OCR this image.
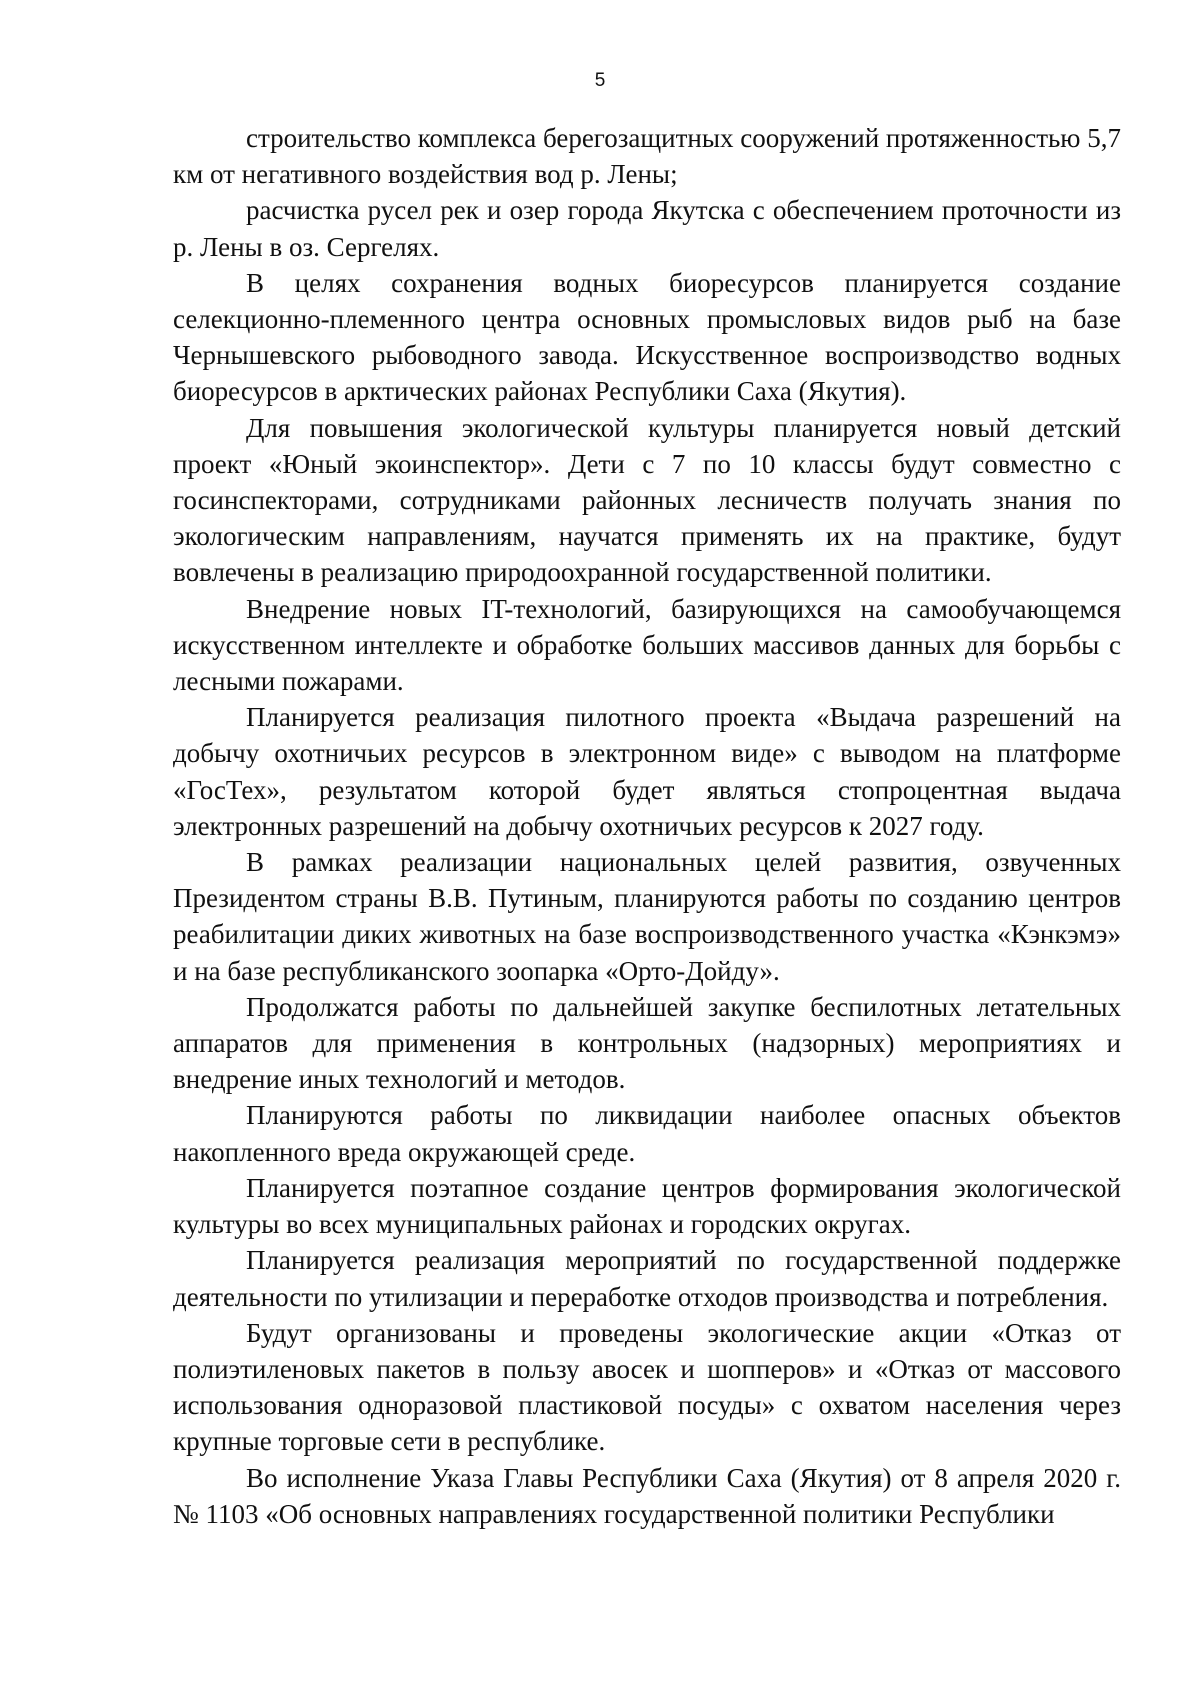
5

строительство комплекса берегозащитных сооружений протяженностью 5,7 км от негативного воздействия вод р. Лены;

расчистка русел рек и озер города Якутска с обеспечением проточности из р. Лены в оз. Сергелях.

В целях сохранения водных биоресурсов планируется создание селекционно-племенного центра основных промысловых видов рыб на базе Чернышевского рыбоводного завода. Искусственное воспроизводство водных биоресурсов в арктических районах Республики Саха (Якутия).

Для повышения экологической культуры планируется новый детский проект «Юный экоинспектор». Дети с 7 по 10 классы будут совместно с госинспекторами, сотрудниками районных лесничеств получать знания по экологическим направлениям, научатся применять их на практике, будут вовлечены в реализацию природоохранной государственной политики.

Внедрение новых IT-технологий, базирующихся на самообучающемся искусственном интеллекте и обработке больших массивов данных для борьбы с лесными пожарами.

Планируется реализация пилотного проекта «Выдача разрешений на добычу охотничьих ресурсов в электронном виде» с выводом на платформе «ГосТех», результатом которой будет являться стопроцентная выдача электронных разрешений на добычу охотничьих ресурсов к 2027 году.

В рамках реализации национальных целей развития, озвученных Президентом страны В.В. Путиным, планируются работы по созданию центров реабилитации диких животных на базе воспроизводственного участка «Кэнкэмэ» и на базе республиканского зоопарка «Орто-Дойду».

Продолжатся работы по дальнейшей закупке беспилотных летательных аппаратов для применения в контрольных (надзорных) мероприятиях и внедрение иных технологий и методов.

Планируются работы по ликвидации наиболее опасных объектов накопленного вреда окружающей среде.

Планируется поэтапное создание центров формирования экологической культуры во всех муниципальных районах и городских округах.

Планируется реализация мероприятий по государственной поддержке деятельности по утилизации и переработке отходов производства и потребления.

Будут организованы и проведены экологические акции «Отказ от полиэтиленовых пакетов в пользу авосек и шопперов» и «Отказ от массового использования одноразовой пластиковой посуды» с охватом населения через крупные торговые сети в республике.

Во исполнение Указа Главы Республики Саха (Якутия) от 8 апреля 2020 г. № 1103 «Об основных направлениях государственной политики Республики
